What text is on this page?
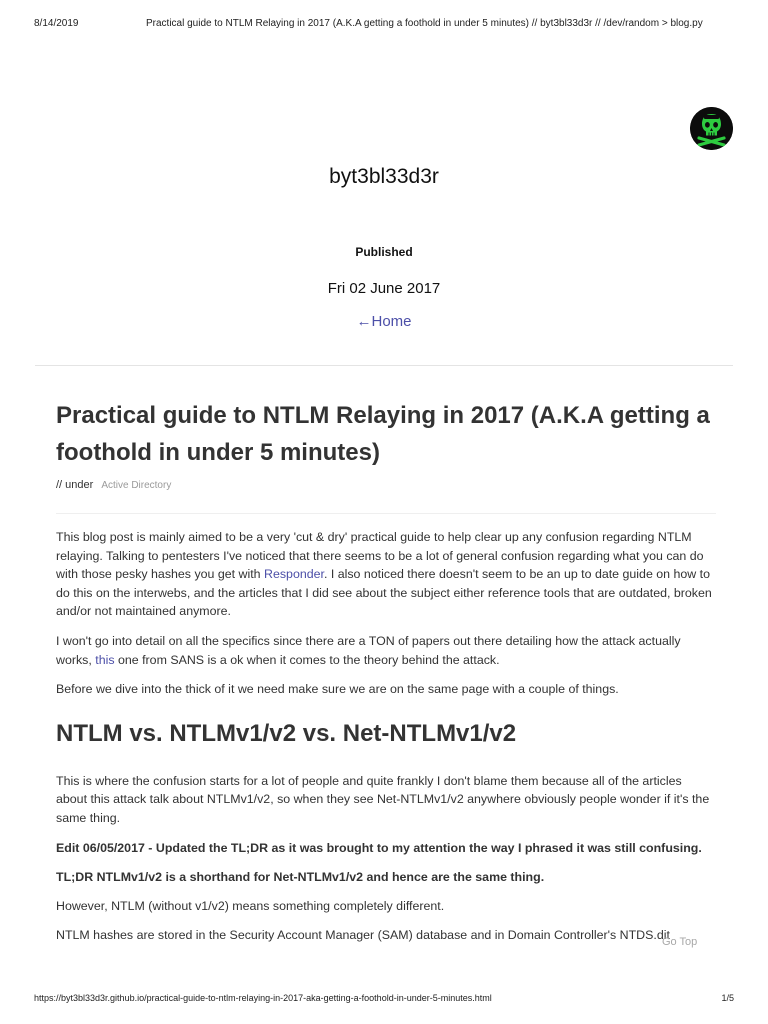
8/14/2019	Practical guide to NTLM Relaying in 2017 (A.K.A getting a foothold in under 5 minutes) // byt3bl33d3r // /dev/random > blog.py
byt3bl33d3r
Published
Fri 02 June 2017
←Home
Practical guide to NTLM Relaying in 2017 (A.K.A getting a foothold in under 5 minutes)
// under Active Directory

This blog post is mainly aimed to be a very 'cut & dry' practical guide to help clear up any confusion regarding NTLM relaying. Talking to pentesters I've noticed that there seems to be a lot of general confusion regarding what you can do with those pesky hashes you get with Responder. I also noticed there doesn't seem to be an up to date guide on how to do this on the interwebs, and the articles that I did see about the subject either reference tools that are outdated, broken and/or not maintained anymore.

I won't go into detail on all the specifics since there are a TON of papers out there detailing how the attack actually works, this one from SANS is a ok when it comes to the theory behind the attack.

Before we dive into the thick of it we need make sure we are on the same page with a couple of things.

NTLM vs. NTLMv1/v2 vs. Net-NTLMv1/v2

This is where the confusion starts for a lot of people and quite frankly I don't blame them because all of the articles about this attack talk about NTLMv1/v2, so when they see Net-NTLMv1/v2 anywhere obviously people wonder if it's the same thing.

Edit 06/05/2017 - Updated the TL;DR as it was brought to my attention the way I phrased it was still confusing.

TL;DR NTLMv1/v2 is a shorthand for Net-NTLMv1/v2 and hence are the same thing.

However, NTLM (without v1/v2) means something completely different.

NTLM hashes are stored in the Security Account Manager (SAM) database and in Domain Controller's NTDS.dit

Go Top
https://byt3bl33d3r.github.io/practical-guide-to-ntlm-relaying-in-2017-aka-getting-a-foothold-in-under-5-minutes.html	1/5
